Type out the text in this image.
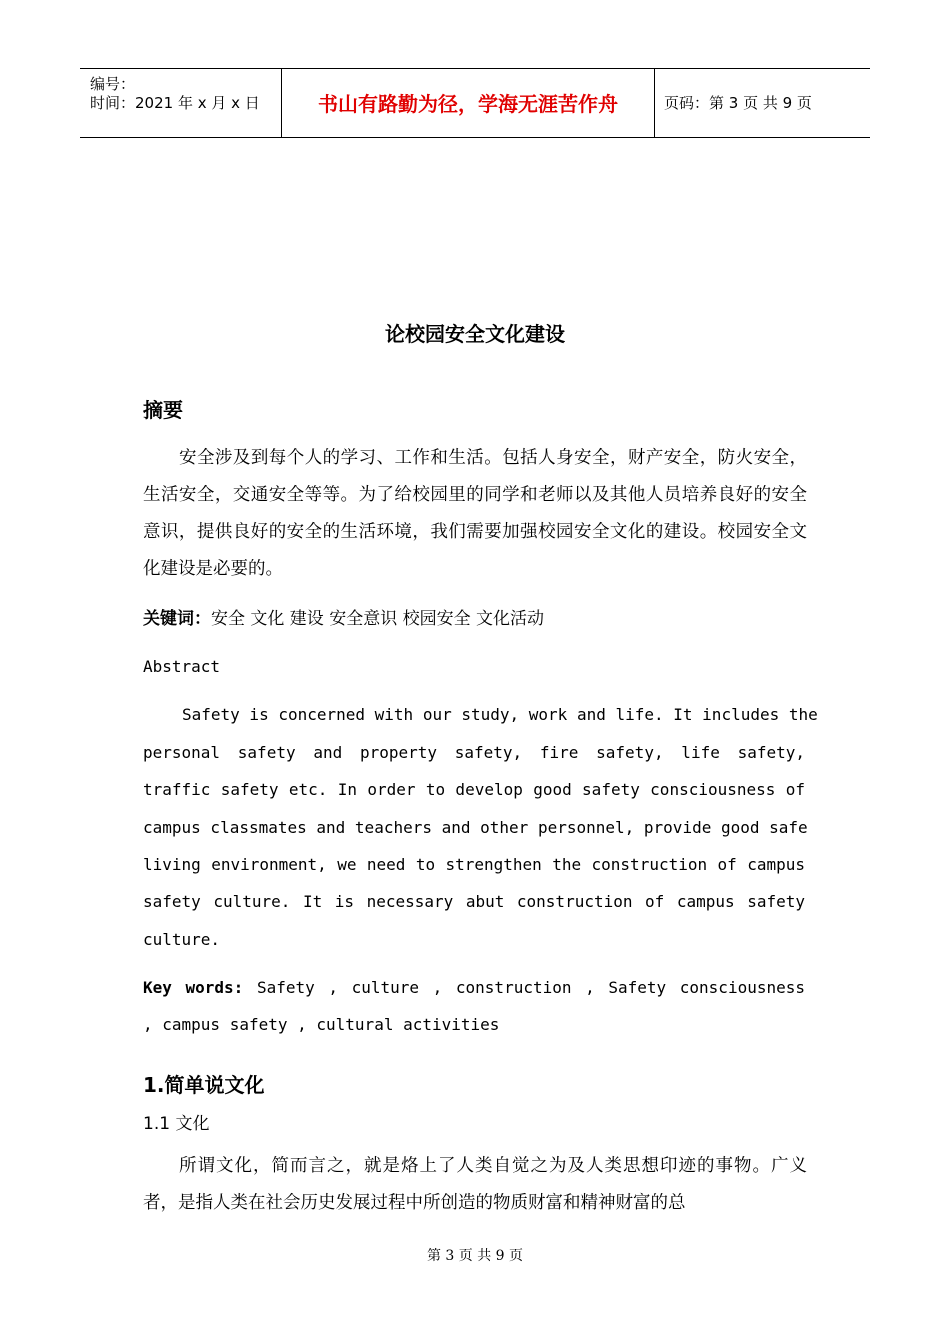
编号：
时间：2021 年 x 月 x 日	书山有路勤为径，学海无涯苦作舟	页码：第 3 页 共 9 页
论校园安全文化建设
摘要
安全涉及到每个人的学习、工作和生活。包括人身安全，财产安全，防火安全，生活安全，交通安全等等。为了给校园里的同学和老师以及其他人员培养良好的安全意识，提供良好的安全的生活环境，我们需要加强校园安全文化的建设。校园安全文化建设是必要的。
关键词：安全 文化 建设 安全意识 校园安全 文化活动
Abstract
Safety is concerned with our study, work and life. It includes the
personal safety and property safety, fire safety, life safety,
traffic safety etc. In order to develop good safety consciousness of
campus classmates and teachers and other personnel, provide good safe
living environment, we need to strengthen the construction of campus
safety culture. It is necessary abut construction of campus safety
culture.
Key words: Safety , culture , construction , Safety consciousness
, campus safety , cultural activities
1.简单说文化
1.1 文化
所谓文化，简而言之，就是烙上了人类自觉之为及人类思想印迹的事物。广义者，是指人类在社会历史发展过程中所创造的物质财富和精神财富的总
第 3 页 共 9 页
